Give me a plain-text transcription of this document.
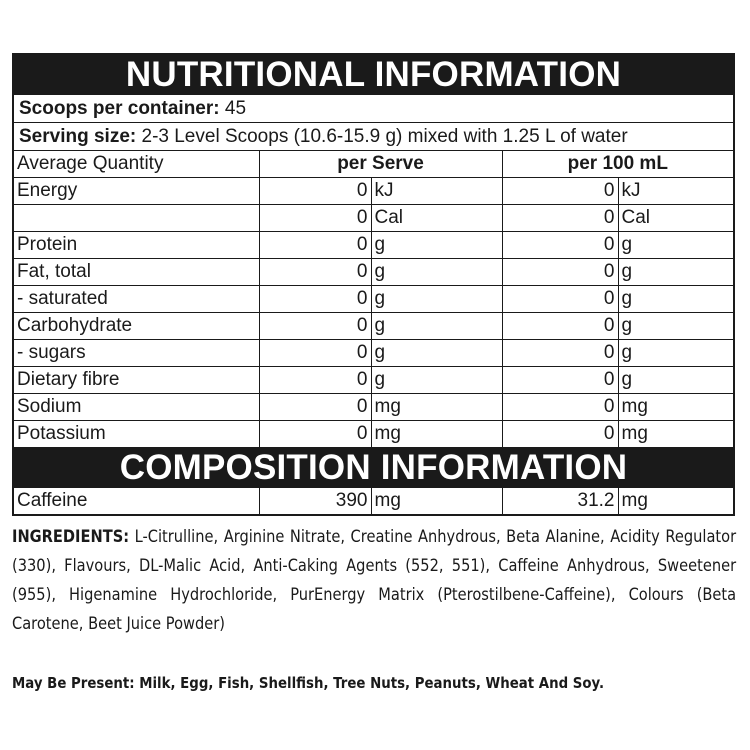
NUTRITIONAL INFORMATION
Scoops per container: 45
Serving size: 2-3 Level Scoops (10.6-15.9 g) mixed with 1.25 L of water
Average Quantity	per Serve		per 100 mL	
Energy	0	kJ	0	kJ
	0	Cal	0	Cal
Protein	0	g	0	g
Fat, total	0	g	0	g
- saturated	0	g	0	g
Carbohydrate	0	g	0	g
- sugars	0	g	0	g
Dietary fibre	0	g	0	g
Sodium	0	mg	0	mg
Potassium	0	mg	0	mg
COMPOSITION INFORMATION
Caffeine	390	mg	31.2	mg
INGREDIENTS: L-Citrulline, Arginine Nitrate, Creatine Anhydrous, Beta Alanine, Acidity Regulator (330), Flavours, DL-Malic Acid, Anti-Caking Agents (552, 551), Caffeine Anhydrous, Sweetener (955), Higenamine Hydrochloride, PurEnergy Matrix (Pterostilbene-Caffeine), Colours (Beta Carotene, Beet Juice Powder)
May Be Present: Milk, Egg, Fish, Shellfish, Tree Nuts, Peanuts, Wheat And Soy.
